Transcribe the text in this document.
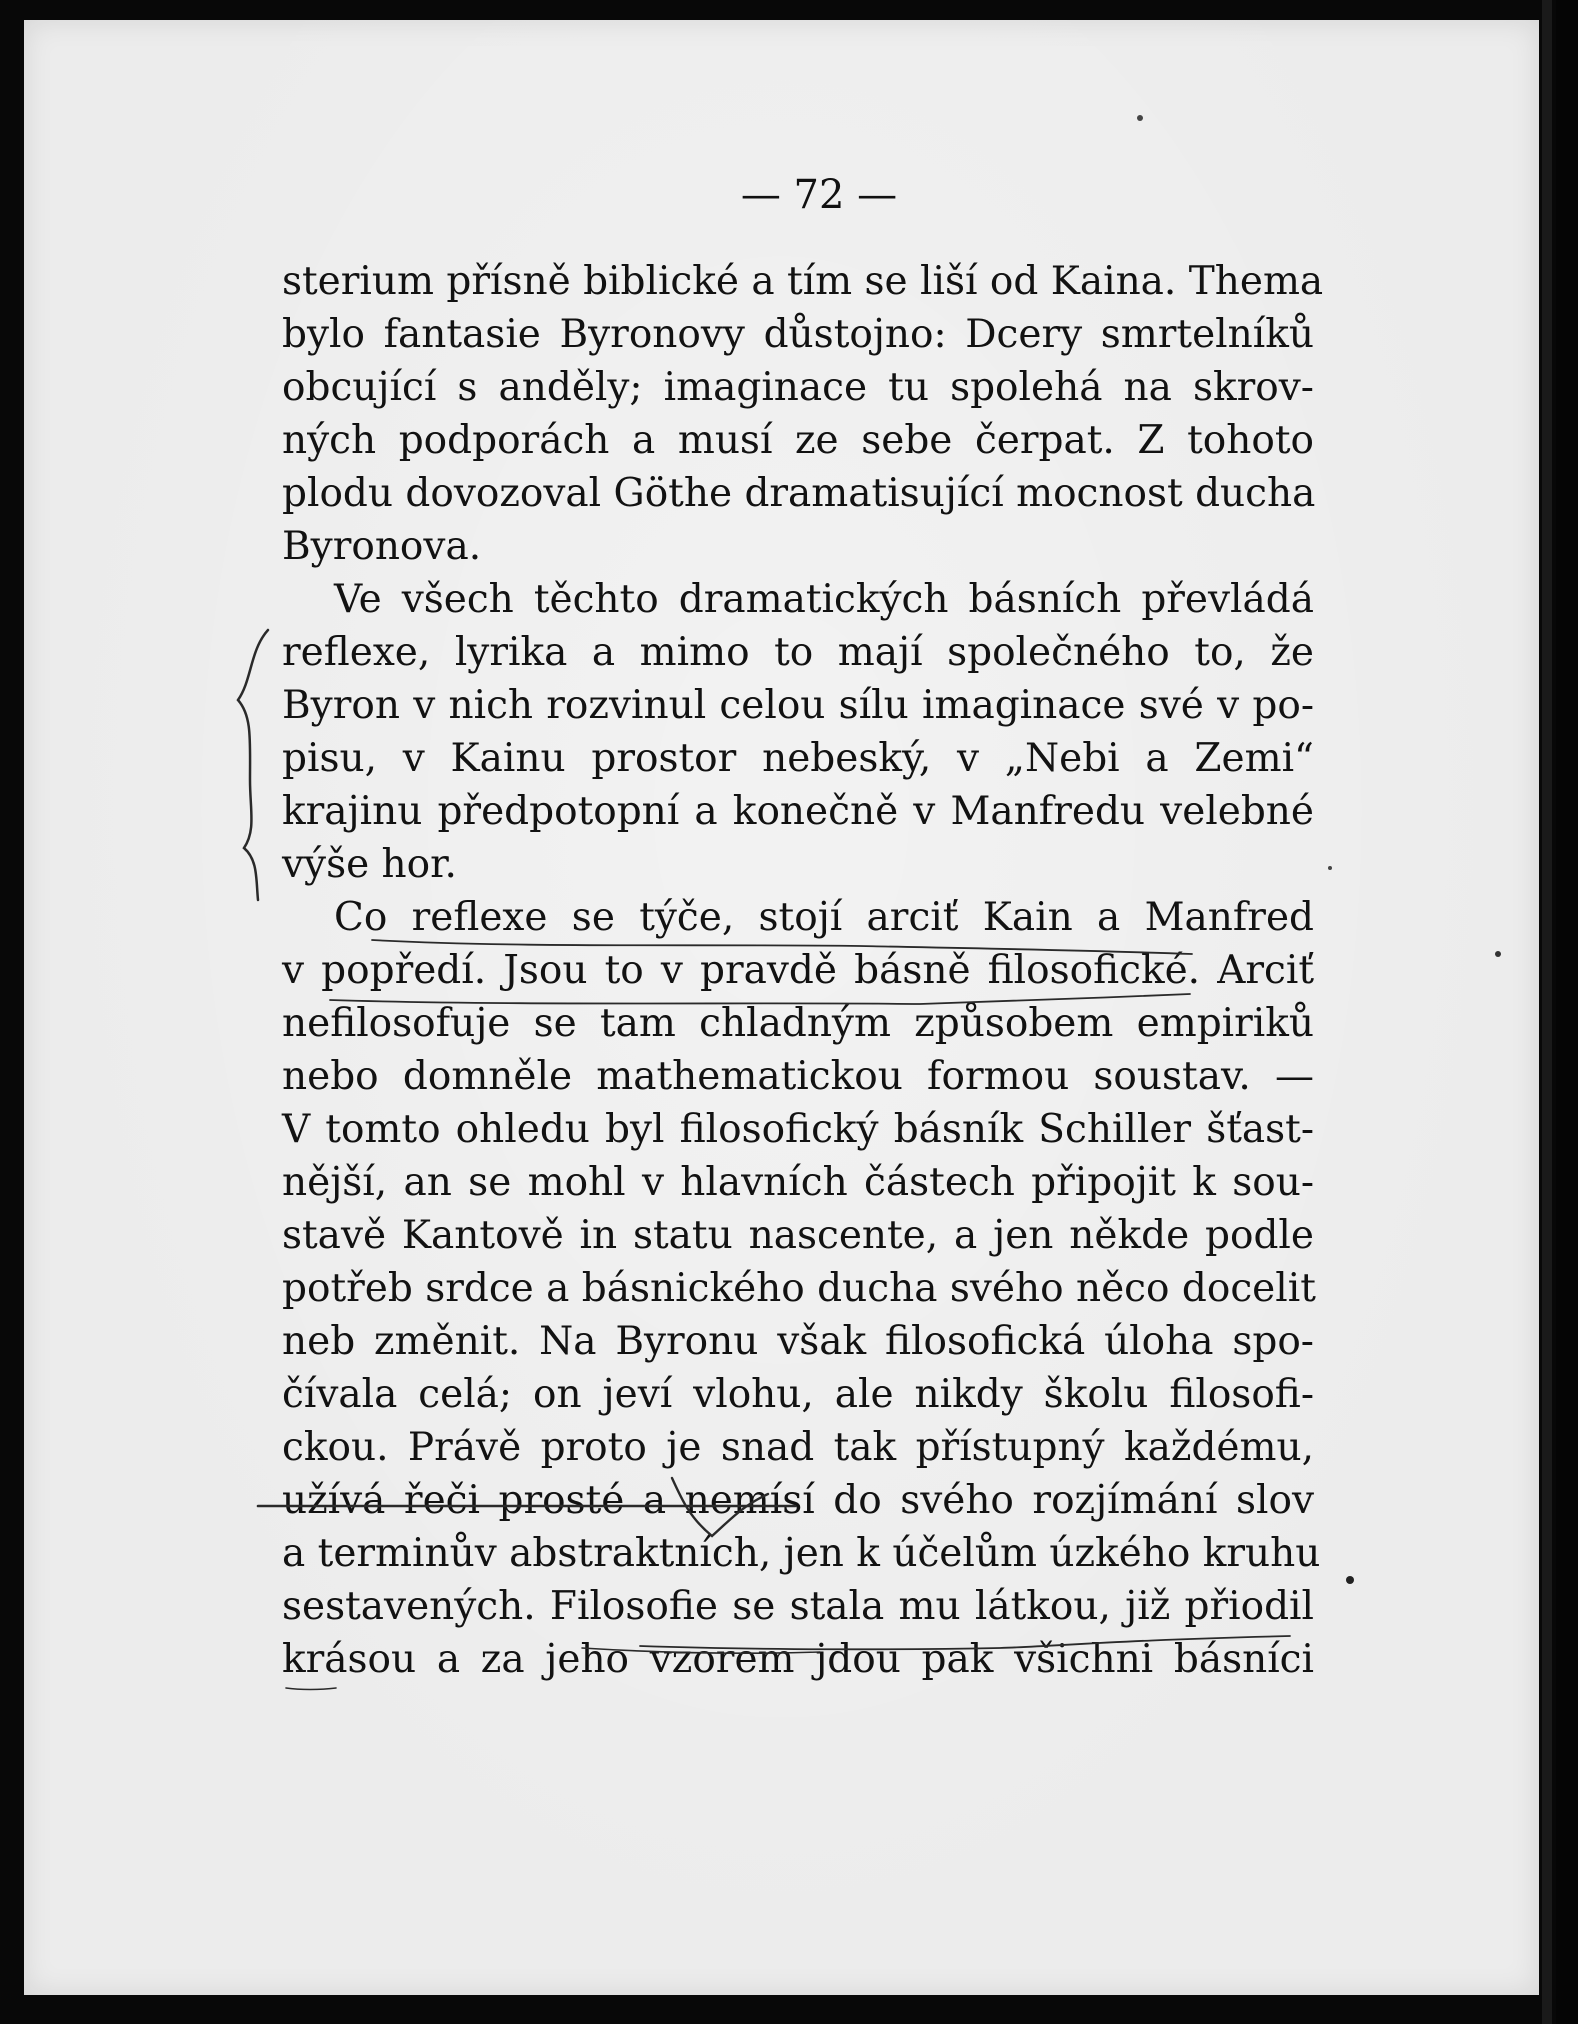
— 72 —
sterium přísně biblické a tím se liší od Kaina. Thema
bylo fantasie Byronovy důstojno: Dcery smrtelníků
obcující s anděly; imaginace tu spolehá na skrov-
ných podporách a musí ze sebe čerpat. Z tohoto
plodu dovozoval Göthe dramatisující mocnost ducha
Byronova.
Ve všech těchto dramatických básních převládá
reflexe, lyrika a mimo to mají společného to, že
Byron v nich rozvinul celou sílu imaginace své v po-
pisu, v Kainu prostor nebeský, v „Nebi a Zemi“
krajinu předpotopní a konečně v Manfredu velebné
výše hor.
Co reflexe se týče, stojí arciť Kain a Manfred
v popředí. Jsou to v pravdě básně filosofické. Arciť
nefilosofuje se tam chladným způsobem empiriků
nebo domněle mathematickou formou soustav. —
V tomto ohledu byl filosofický básník Schiller šťast-
nější, an se mohl v hlavních částech připojit k sou-
stavě Kantově in statu nascente, a jen někde podle
potřeb srdce a básnického ducha svého něco docelit
neb změnit. Na Byronu však filosofická úloha spo-
čívala celá; on jeví vlohu, ale nikdy školu filosofi-
ckou. Právě proto je snad tak přístupný každému,
užívá řeči prosté a nemísí do svého rozjímání slov
a terminův abstraktních, jen k účelům úzkého kruhu
sestavených. Filosofie se stala mu látkou, již přiodil
krásou a za jeho vzorem jdou pak všichni básníci
